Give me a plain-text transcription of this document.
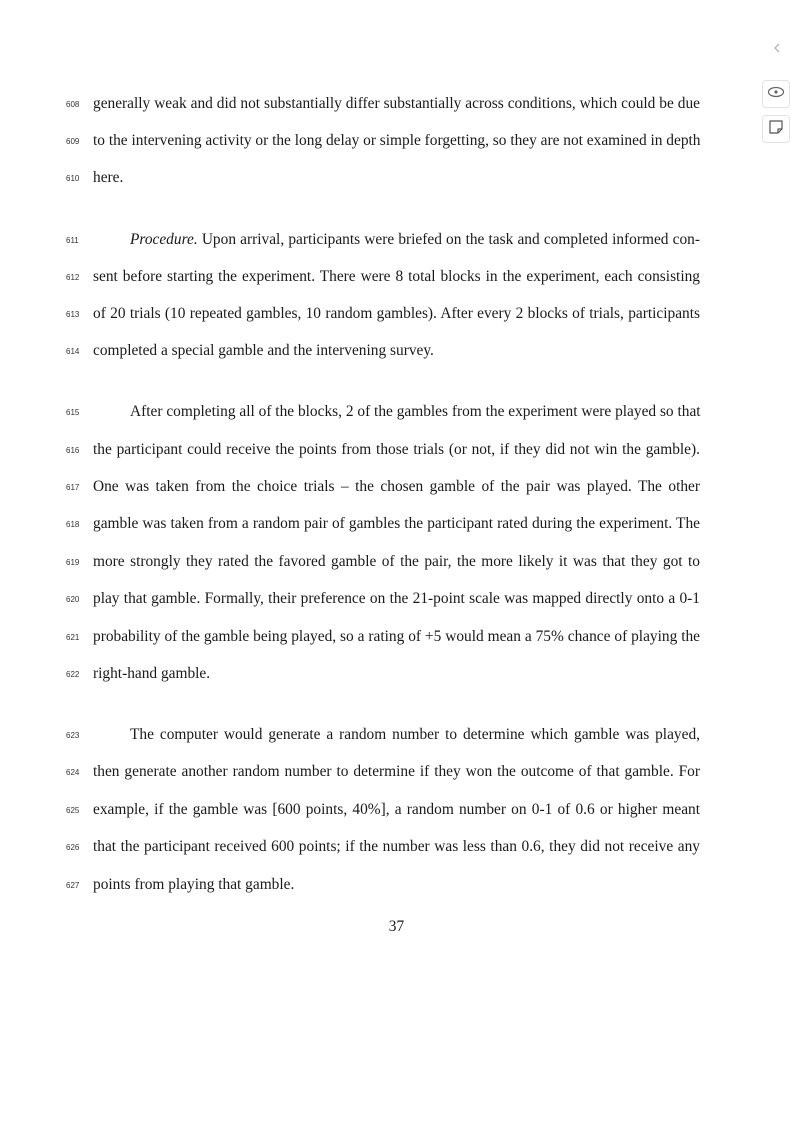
608 generally weak and did not substantially differ substantially across conditions, which could be due
609 to the intervening activity or the long delay or simple forgetting, so they are not examined in depth
610 here.
611	Procedure. Upon arrival, participants were briefed on the task and completed informed con-
612 sent before starting the experiment. There were 8 total blocks in the experiment, each consisting
613 of 20 trials (10 repeated gambles, 10 random gambles). After every 2 blocks of trials, participants
614 completed a special gamble and the intervening survey.
615	After completing all of the blocks, 2 of the gambles from the experiment were played so that
616 the participant could receive the points from those trials (or not, if they did not win the gamble).
617 One was taken from the choice trials – the chosen gamble of the pair was played. The other
618 gamble was taken from a random pair of gambles the participant rated during the experiment. The
619 more strongly they rated the favored gamble of the pair, the more likely it was that they got to
620 play that gamble. Formally, their preference on the 21-point scale was mapped directly onto a 0-1
621 probability of the gamble being played, so a rating of +5 would mean a 75% chance of playing the
622 right-hand gamble.
623	The computer would generate a random number to determine which gamble was played,
624 then generate another random number to determine if they won the outcome of that gamble. For
625 example, if the gamble was [600 points, 40%], a random number on 0-1 of 0.6 or higher meant
626 that the participant received 600 points; if the number was less than 0.6, they did not receive any
627 points from playing that gamble.
37
